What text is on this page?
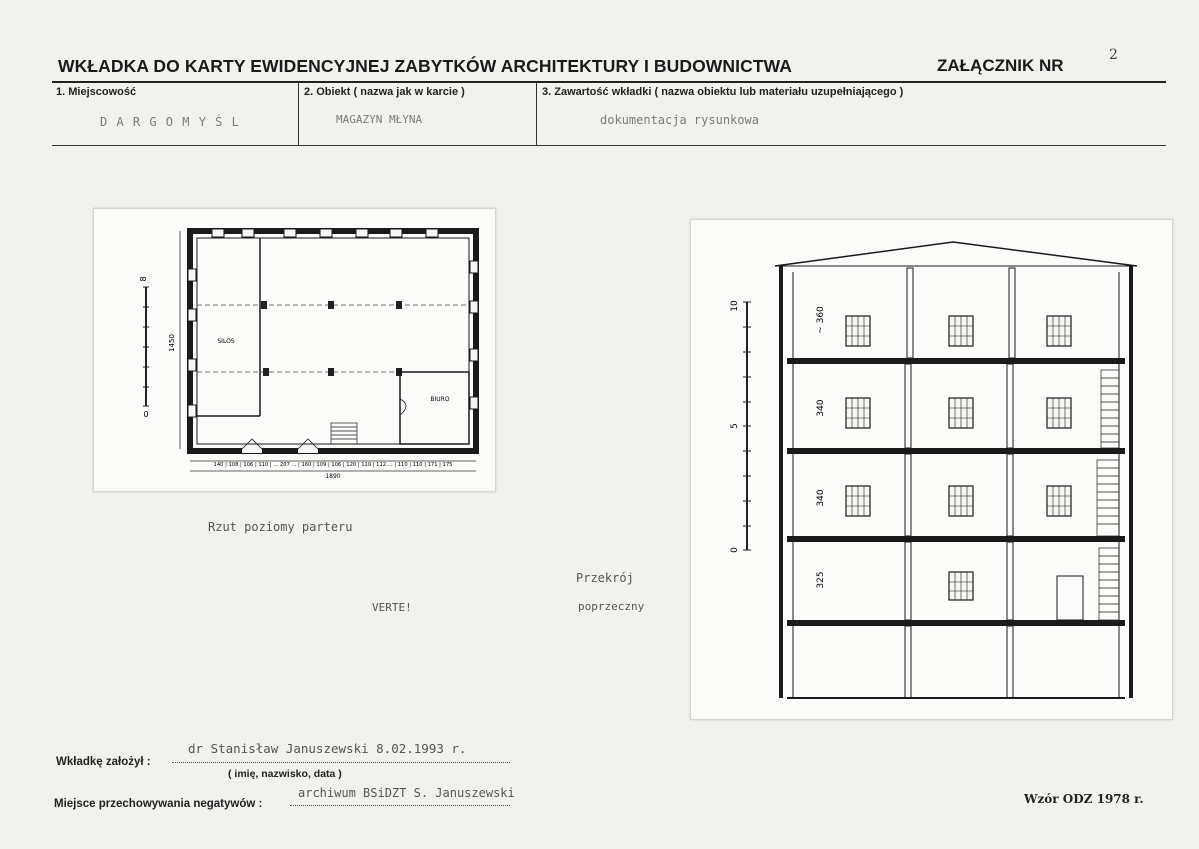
WKŁADKA DO KARTY EWIDENCYJNEJ ZABYTKÓW ARCHITEKTURY I BUDOWNICTWA	ZAŁĄCZNIK NR
2
1. Miejscowość	2. Obiekt ( nazwa jak w karcie )	3. Zawartość wkładki ( nazwa obiektu lub materiału uzupełniającego )
D A R G O M Y Ś L	MAGAZYN MŁYNA	dokumentacja rysunkowa
8
0
1450	SILOS
BIURO
140 | 108 | 106 | 110 | ... 207 ... | 160 | 109 | 106 | 120 | 110 | 112 ... | 110 | 110 | 171 | 175
1890
Rzut poziomy parteru
VERTE!
10
5
0
~ 360
340
340
325
Przekrój
poprzeczny
dr Stanisław Januszewski 8.02.1993 r.
Wkładkę założył :
( imię, nazwisko, data )
archiwum BSiDZT S. Januszewski
Miejsce przechowywania negatywów :	Wzór ODZ 1978 r.
